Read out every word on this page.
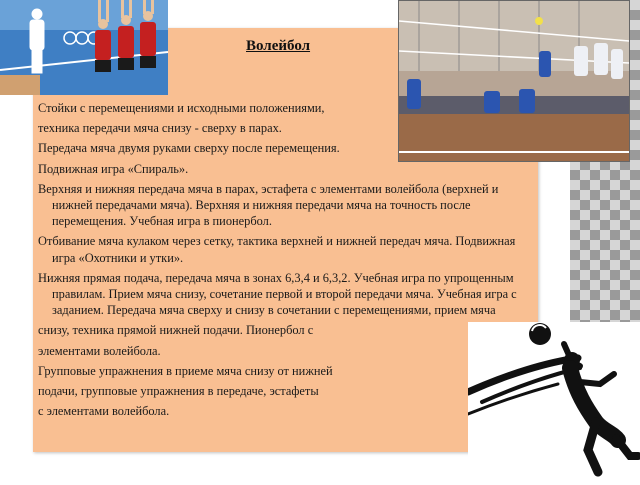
Волейбол
Стойки с перемещениями и исходными положениями,
техника передачи мяча снизу - сверху в парах.
Передача мяча двумя руками сверху после перемещения.
Подвижная игра «Спираль».
Верхняя и нижняя передача мяча в парах, эстафета с элементами волейбола (верхней и нижней передачами мяча). Верхняя и нижняя передачи мяча на точность после перемещения. Учебная игра в пионербол.
Отбивание мяча кулаком через сетку, тактика верхней и нижней передач мяча. Подвижная игра «Охотники и утки».
Нижняя прямая подача, передача мяча в зонах 6,3,4 и 6,3,2. Учебная игра по упрощенным правилам. Прием мяча снизу, сочетание первой и второй передачи мяча. Учебная игра с заданием. Передача мяча сверху и снизу в сочетании с перемещениями, прием мяча
снизу, техника прямой нижней подачи. Пионербол с
элементами волейбола.
Групповые упражнения в приеме мяча снизу от нижней
подачи, групповые упражнения в передаче, эстафеты
с элементами волейбола.
